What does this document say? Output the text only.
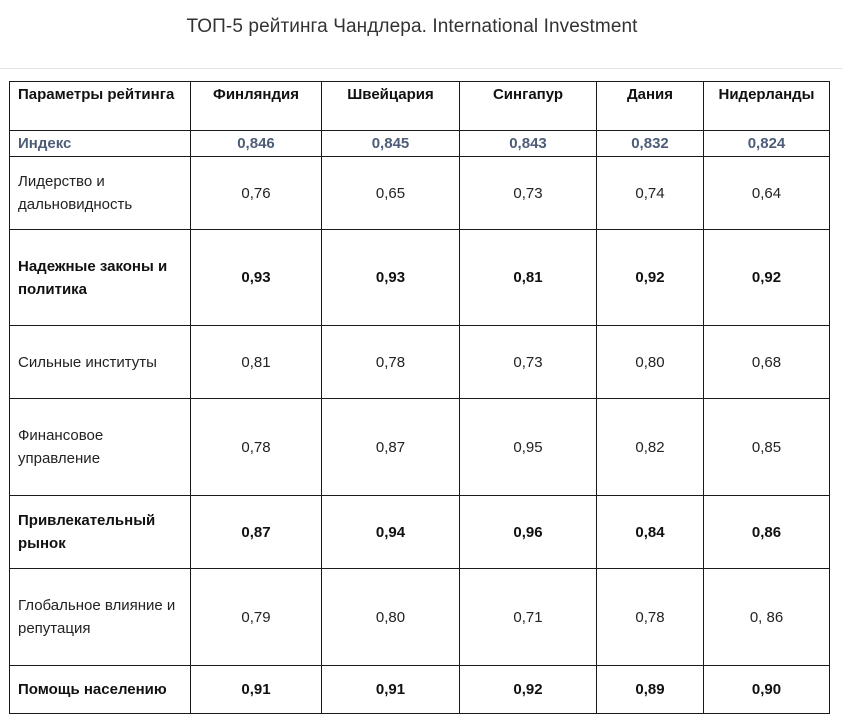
ТОП-5 рейтинга Чандлера. International Investment
Параметры рейтинга	Финляндия	Швейцария	Сингапур	Дания	Нидерланды
Индекс	0,846	0,845	0,843	0,832	0,824
Лидерство и дальновидность	0,76	0,65	0,73	0,74	0,64
Надежные законы и политика	0,93	0,93	0,81	0,92	0,92
Сильные институты	0,81	0,78	0,73	0,80	0,68
Финансовое управление	0,78	0,87	0,95	0,82	0,85
Привлекательный рынок	0,87	0,94	0,96	0,84	0,86
Глобальное влияние и репутация	0,79	0,80	0,71	0,78	0, 86
Помощь населению	0,91	0,91	0,92	0,89	0,90
